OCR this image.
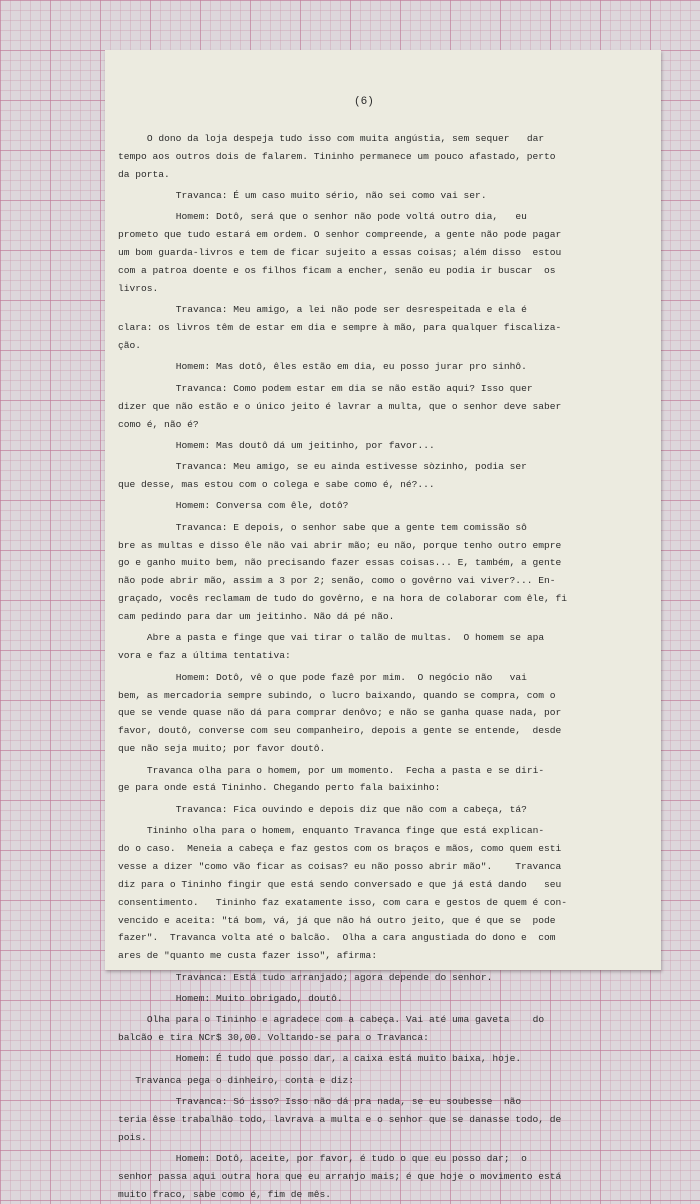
(6)
O dono da loja despeja tudo isso com muita angústia, sem sequer   dar
tempo aos outros dois de falarem. Tininho permanece um pouco afastado, perto
da porta.
Travanca: É um caso muito sério, não sei como vai ser.
Homem: Dotô, será que o senhor não pode voltá outro dia,   eu
prometo que tudo estará em ordem. O senhor compreende, a gente não pode pagar
um bom guarda-livros e tem de ficar sujeito a essas coisas; além disso  estou
com a patroa doente e os filhos ficam a encher, senão eu podia ir buscar  os
livros.
Travanca: Meu amigo, a lei não pode ser desrespeitada e ela é
clara: os livros têm de estar em dia e sempre à mão, para qualquer fiscaliza-
ção.
Homem: Mas dotô, êles estão em dia, eu posso jurar pro sinhô.
Travanca: Como podem estar em dia se não estão aqui? Isso quer
dizer que não estão e o único jeito é lavrar a multa, que o senhor deve saber
como é, não é?
Homem: Mas doutô dá um jeitinho, por favor...
Travanca: Meu amigo, se eu ainda estivesse sòzinho, podia ser
que desse, mas estou com o colega e sabe como é, né?...
Homem: Conversa com êle, dotô?
Travanca: E depois, o senhor sabe que a gente tem comissão sô
bre as multas e disso êle não vai abrir mão; eu não, porque tenho outro empre
go e ganho muito bem, não precisando fazer essas coisas... E, também, a gente
não pode abrir mão, assim a 3 por 2; senão, como o govêrno vai viver?... En-
graçado, vocês reclamam de tudo do govêrno, e na hora de colaborar com êle, fi
cam pedindo para dar um jeitinho. Não dá pé não.
Abre a pasta e finge que vai tirar o talão de multas.  O homem se apa
vora e faz a última tentativa:
Homem: Dotô, vê o que pode fazê por mim.  O negócio não   vai
bem, as mercadoria sempre subindo, o lucro baixando, quando se compra, com o
que se vende quase não dá para comprar denôvo; e não se ganha quase nada, por
favor, doutô, converse com seu companheiro, depois a gente se entende,  desde
que não seja muito; por favor doutô.
Travanca olha para o homem, por um momento.  Fecha a pasta e se diri-
ge para onde está Tininho. Chegando perto fala baixinho:
Travanca: Fica ouvindo e depois diz que não com a cabeça, tá?
Tininho olha para o homem, enquanto Travanca finge que está explican-
do o caso.  Meneia a cabeça e faz gestos com os braços e mãos, como quem esti
vesse a dizer "como vão ficar as coisas? eu não posso abrir mão".    Travanca
diz para o Tininho fingir que está sendo conversado e que já está dando   seu
consentimento.   Tininho faz exatamente isso, com cara e gestos de quem é con-
vencido e aceita: "tá bom, vá, já que não há outro jeito, que é que se  pode
fazer".  Travanca volta até o balcão.  Olha a cara angustiada do dono e  com
ares de "quanto me custa fazer isso", afirma:
Travanca: Está tudo arranjado; agora depende do senhor.
Homem: Muito obrigado, doutô.
Olha para o Tininho e agradece com a cabeça. Vai até uma gaveta    do
balcão e tira NCr$ 30,00. Voltando-se para o Travanca:
Homem: É tudo que posso dar, a caixa está muito baixa, hoje.
Travanca pega o dinheiro, conta e diz:
Travanca: Só isso? Isso não dá pra nada, se eu soubesse  não
teria êsse trabalhão todo, lavrava a multa e o senhor que se danasse todo, de
pois.
Homem: Dotô, aceite, por favor, é tudo o que eu posso dar;  o
senhor passa aqui outra hora que eu arranjo mais; é que hoje o movimento está
muito fraco, sabe como é, fim de mês.
